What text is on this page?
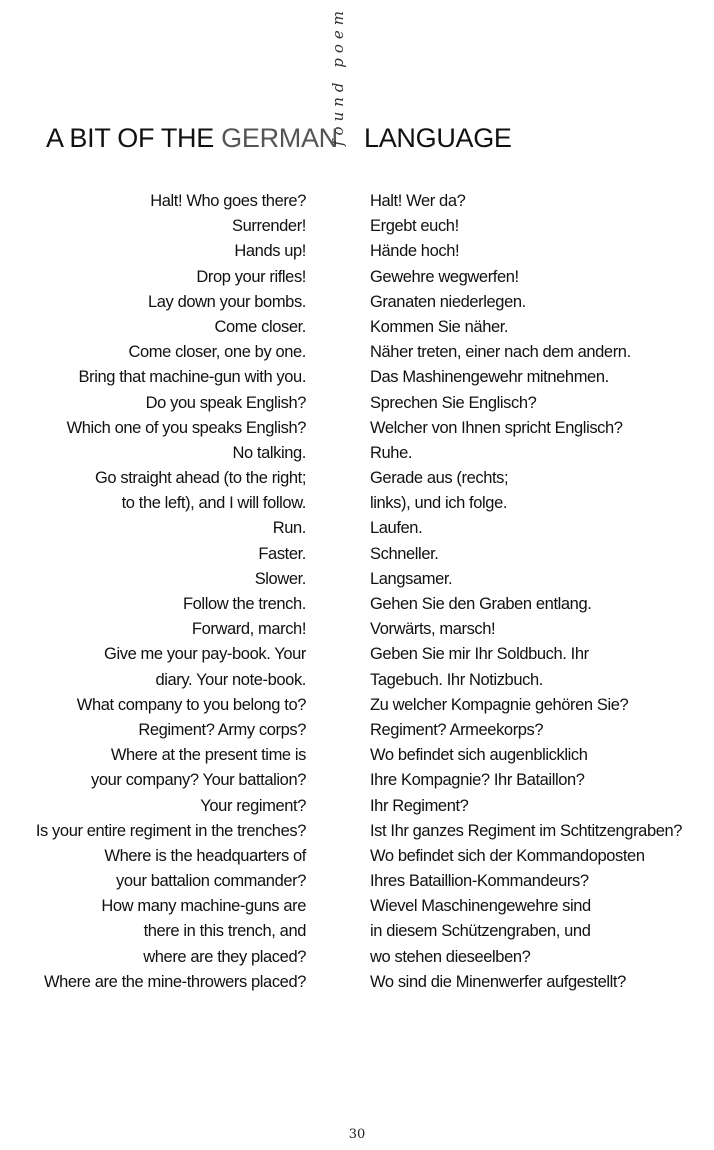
A BIT OF THE GERMAN
found poem LANGUAGE
Halt! Who goes there?
Surrender!
Hands up!
Drop your rifles!
Lay down your bombs.
Come closer.
Come closer, one by one.
Bring that machine-gun with you.
Do you speak English?
Which one of you speaks English?
No talking.
Go straight ahead (to the right;
to the left), and I will follow.
Run.
Faster.
Slower.
Follow the trench.
Forward, march!
Give me your pay-book. Your
diary. Your note-book.
What company to you belong to?
Regiment? Army corps?
Where at the present time is
your company? Your battalion?
Your regiment?
Is your entire regiment in the trenches?
Where is the headquarters of
your battalion commander?
How many machine-guns are
there in this trench, and
where are they placed?
Where are the mine-throwers placed?
Halt! Wer da?
Ergebt euch!
Hände hoch!
Gewehre wegwerfen!
Granaten niederlegen.
Kommen Sie näher.
Näher treten, einer nach dem andern.
Das Mashinengewehr mitnehmen.
Sprechen Sie Englisch?
Welcher von Ihnen spricht Englisch?
Ruhe.
Gerade aus (rechts;
links), und ich folge.
Laufen.
Schneller.
Langsamer.
Gehen Sie den Graben entlang.
Vorwärts, marsch!
Geben Sie mir Ihr Soldbuch. Ihr
Tagebuch. Ihr Notizbuch.
Zu welcher Kompagnie gehören Sie?
Regiment? Armeekorps?
Wo befindet sich augenblicklich
Ihre Kompagnie? Ihr Bataillon?
Ihr Regiment?
Ist Ihr ganzes Regiment im Schtitzengraben?
Wo befindet sich der Kommandoposten
Ihres Bataillion-Kommandeurs?
Wievel Maschinengewehre sind
in diesem Schützengraben, und
wo stehen dieseelben?
Wo sind die Minenwerfer aufgestellt?
30
